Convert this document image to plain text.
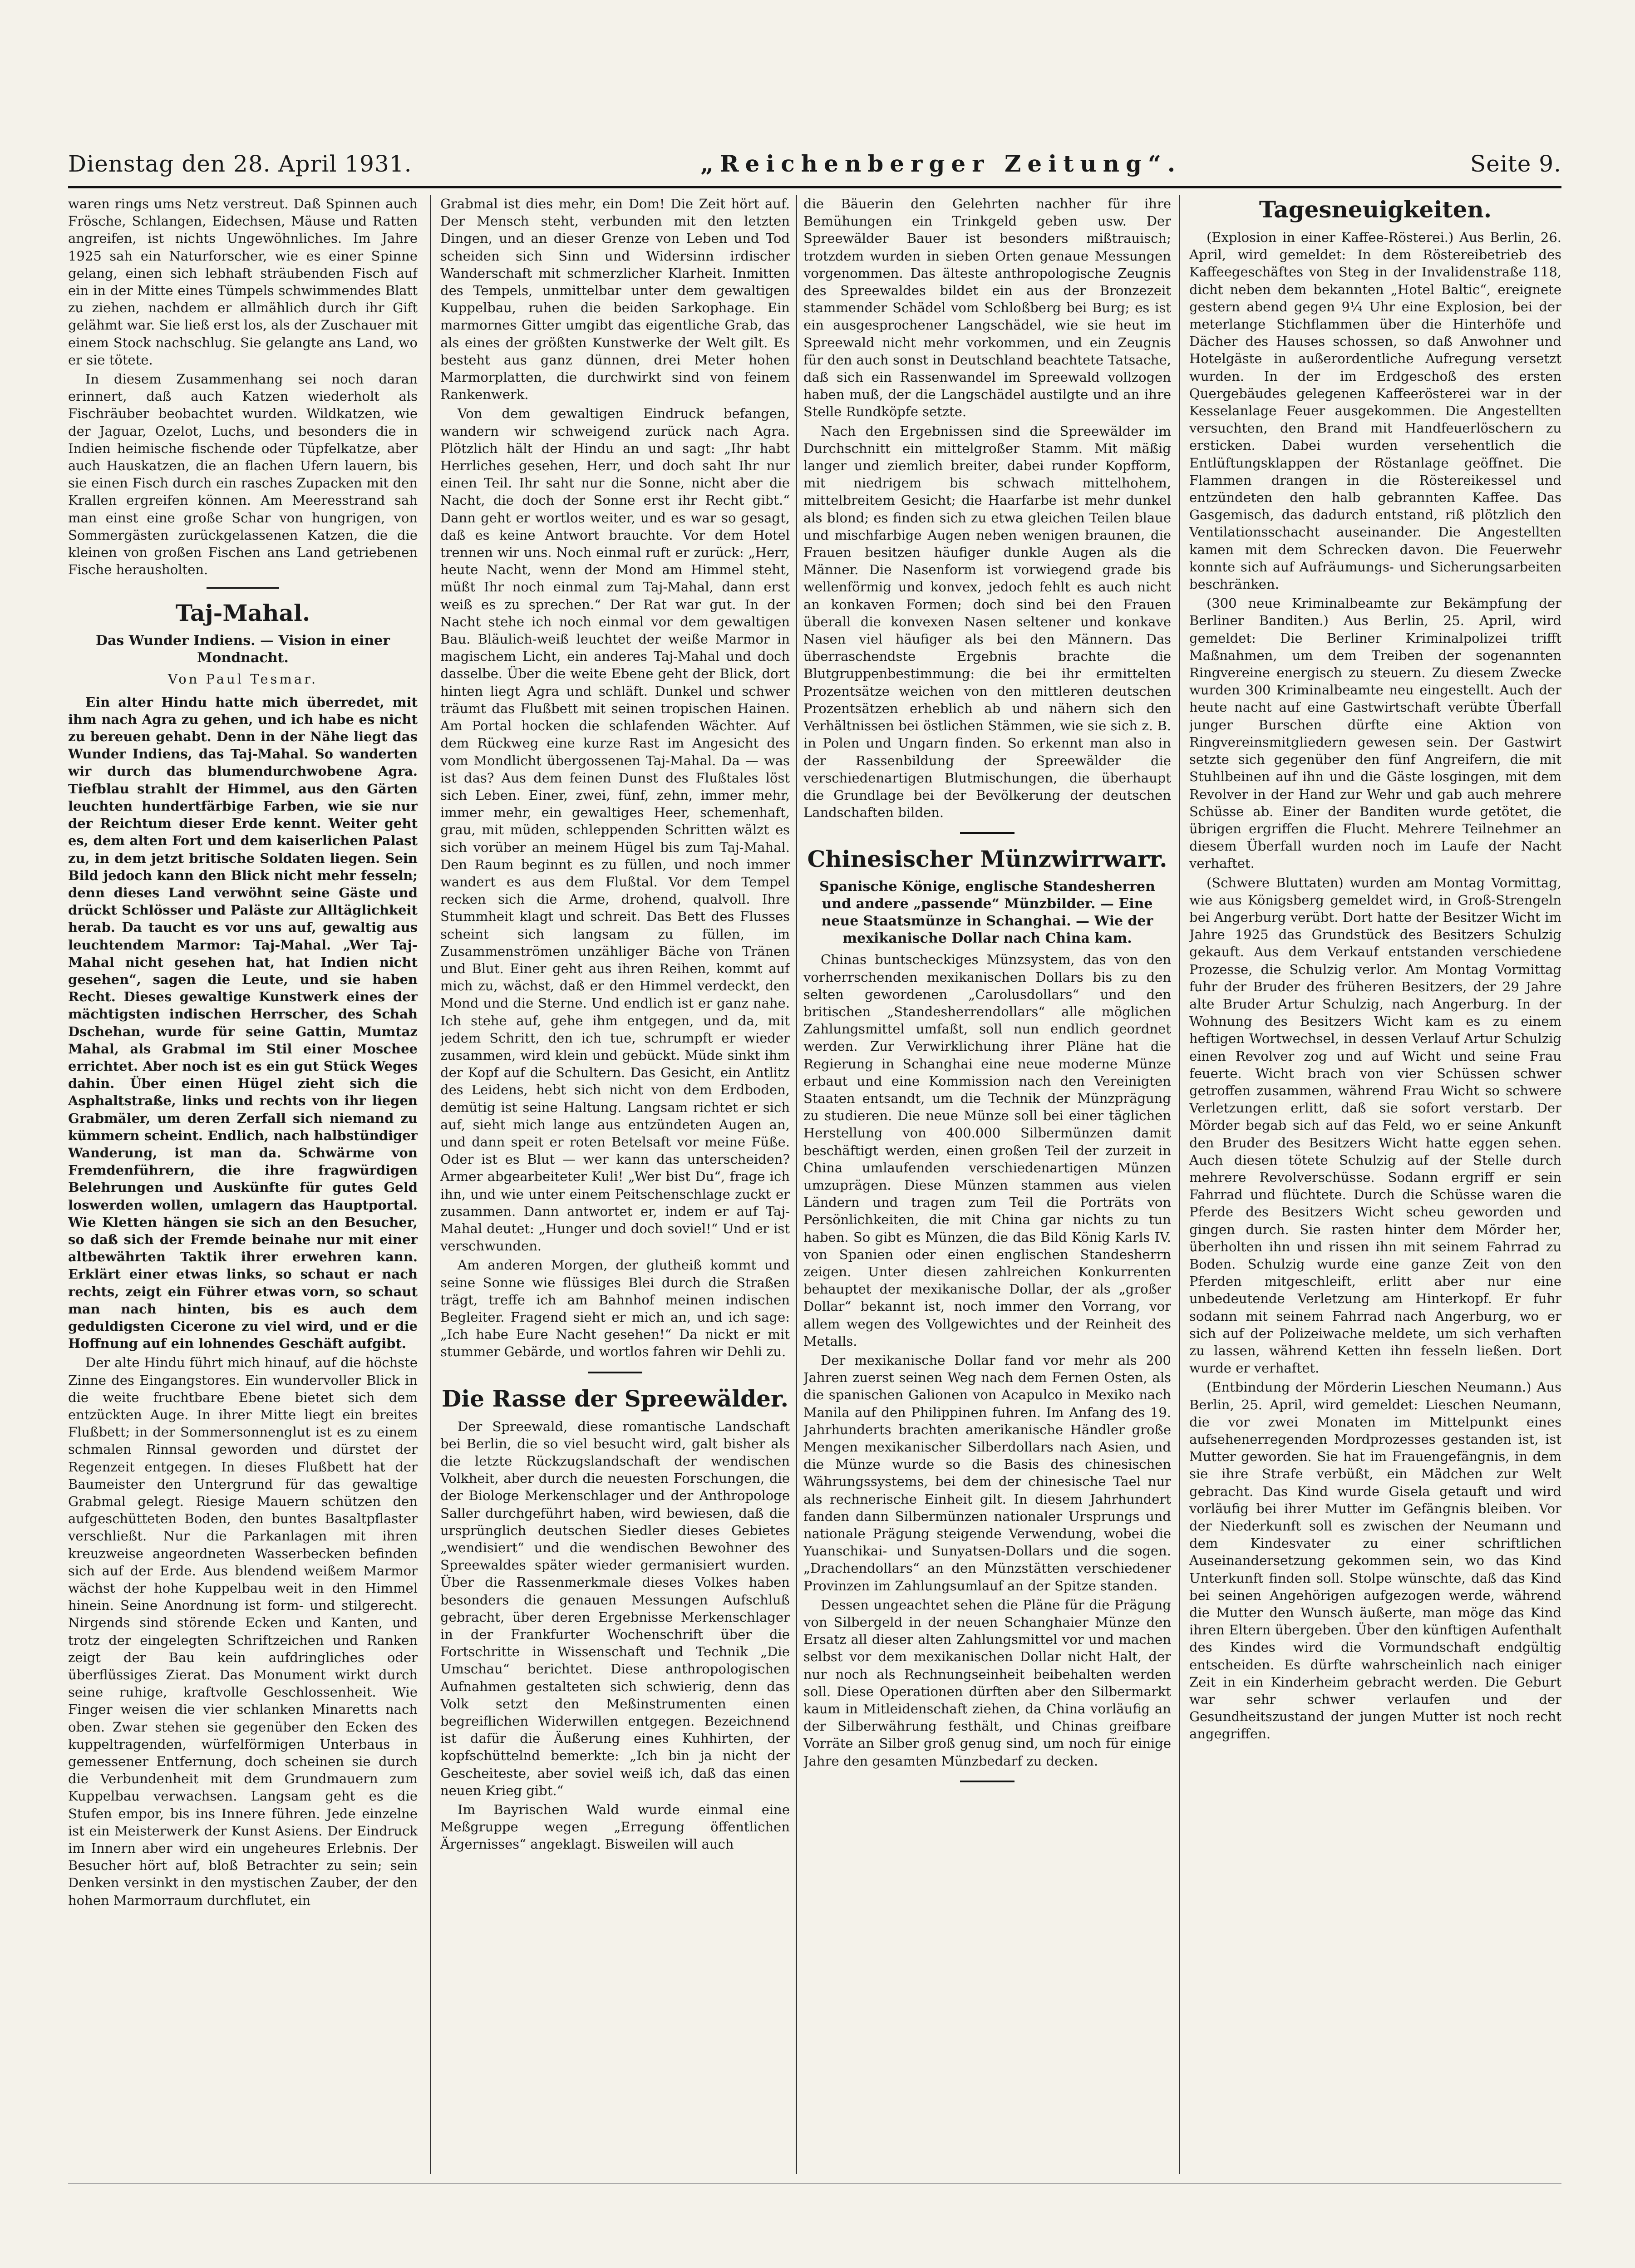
Dienstag den 28. April 1931.	„Reichenberger Zeitung“.	Seite 9.

waren rings ums Netz verstreut. Daß Spinnen auch Frösche, Schlangen, Eidechsen, Mäuse und Ratten angreifen, ist nichts Ungewöhnliches. Im Jahre 1925 sah ein Naturforscher, wie es einer Spinne gelang, einen sich lebhaft sträubenden Fisch auf ein in der Mitte eines Tümpels schwimmendes Blatt zu ziehen, nachdem er allmählich durch ihr Gift gelähmt war. Sie ließ erst los, als der Zuschauer mit einem Stock nachschlug. Sie gelangte ans Land, wo er sie tötete.

In diesem Zusammenhang sei noch daran erinnert, daß auch Katzen wiederholt als Fischräuber beobachtet wurden. Wildkatzen, wie der Jaguar, Ozelot, Luchs, und besonders die in Indien heimische fischende oder Tüpfelkatze, aber auch Hauskatzen, die an flachen Ufern lauern, bis sie einen Fisch durch ein rasches Zupacken mit den Krallen ergreifen können. Am Meeresstrand sah man einst eine große Schar von hungrigen, von Sommergästen zurückgelassenen Katzen, die die kleinen von großen Fischen ans Land getriebenen Fische herausholten.

Taj-Mahal.
Das Wunder Indiens. — Vision in einer Mondnacht.
Von Paul Tesmar.

Ein alter Hindu hatte mich überredet, mit ihm nach Agra zu gehen, und ich habe es nicht zu bereuen gehabt. Denn in der Nähe liegt das Wunder Indiens, das Taj-Mahal. So wanderten wir durch das blumendurchwobene Agra. Tiefblau strahlt der Himmel, aus den Gärten leuchten hundertfärbige Farben, wie sie nur der Reichtum dieser Erde kennt. Weiter geht es, dem alten Fort und dem kaiserlichen Palast zu, in dem jetzt britische Soldaten liegen. Sein Bild jedoch kann den Blick nicht mehr fesseln; denn dieses Land verwöhnt seine Gäste und drückt Schlösser und Paläste zur Alltäglichkeit herab. Da taucht es vor uns auf, gewaltig aus leuchtendem Marmor: Taj-Mahal. „Wer Taj-Mahal nicht gesehen hat, hat Indien nicht gesehen“, sagen die Leute, und sie haben Recht. Dieses gewaltige Kunstwerk eines der mächtigsten indischen Herrscher, des Schah Dschehan, wurde für seine Gattin, Mumtaz Mahal, als Grabmal im Stil einer Moschee errichtet. Aber noch ist es ein gut Stück Weges dahin. Über einen Hügel zieht sich die Asphaltstraße, links und rechts von ihr liegen Grabmäler, um deren Zerfall sich niemand zu kümmern scheint. Endlich, nach halbstündiger Wanderung, ist man da. Schwärme von Fremdenführern, die ihre fragwürdigen Belehrungen und Auskünfte für gutes Geld loswerden wollen, umlagern das Hauptportal. Wie Kletten hängen sie sich an den Besucher, so daß sich der Fremde beinahe nur mit einer altbewährten Taktik ihrer erwehren kann. Erklärt einer etwas links, so schaut er nach rechts, zeigt ein Führer etwas vorn, so schaut man nach hinten, bis es auch dem geduldigsten Cicerone zu viel wird, und er die Hoffnung auf ein lohnendes Geschäft aufgibt.

Der alte Hindu führt mich hinauf, auf die höchste Zinne des Eingangstores. Ein wundervoller Blick in die weite fruchtbare Ebene bietet sich dem entzückten Auge. In ihrer Mitte liegt ein breites Flußbett; in der Sommersonnenglut ist es zu einem schmalen Rinnsal geworden und dürstet der Regenzeit entgegen. In dieses Flußbett hat der Baumeister den Untergrund für das gewaltige Grabmal gelegt. Riesige Mauern schützen den aufgeschütteten Boden, den buntes Basaltpflaster verschließt. Nur die Parkanlagen mit ihren kreuzweise angeordneten Wasserbecken befinden sich auf der Erde. Aus blendend weißem Marmor wächst der hohe Kuppelbau weit in den Himmel hinein. Seine Anordnung ist form- und stilgerecht. Nirgends sind störende Ecken und Kanten, und trotz der eingelegten Schriftzeichen und Ranken zeigt der Bau kein aufdringliches oder überflüssiges Zierat. Das Monument wirkt durch seine ruhige, kraftvolle Geschlossenheit. Wie Finger weisen die vier schlanken Minaretts nach oben. Zwar stehen sie gegenüber den Ecken des kuppeltragenden, würfelförmigen Unterbaus in gemessener Entfernung, doch scheinen sie durch die Verbundenheit mit dem Grundmauern zum Kuppelbau verwachsen. Langsam geht es die Stufen empor, bis ins Innere führen. Jede einzelne ist ein Meisterwerk der Kunst Asiens. Der Eindruck im Innern aber wird ein ungeheures Erlebnis. Der Besucher hört auf, bloß Betrachter zu sein; sein Denken versinkt in den mystischen Zauber, der den hohen Marmorraum durchflutet, ein

Grabmal ist dies mehr, ein Dom! Die Zeit hört auf. Der Mensch steht, verbunden mit den letzten Dingen, und an dieser Grenze von Leben und Tod scheiden sich Sinn und Widersinn irdischer Wanderschaft mit schmerzlicher Klarheit. Inmitten des Tempels, unmittelbar unter dem gewaltigen Kuppelbau, ruhen die beiden Sarkophage. Ein marmornes Gitter umgibt das eigentliche Grab, das als eines der größten Kunstwerke der Welt gilt. Es besteht aus ganz dünnen, drei Meter hohen Marmorplatten, die durchwirkt sind von feinem Rankenwerk.

Von dem gewaltigen Eindruck befangen, wandern wir schweigend zurück nach Agra. Plötzlich hält der Hindu an und sagt: „Ihr habt Herrliches gesehen, Herr, und doch saht Ihr nur einen Teil. Ihr saht nur die Sonne, nicht aber die Nacht, die doch der Sonne erst ihr Recht gibt.“ Dann geht er wortlos weiter, und es war so gesagt, daß es keine Antwort brauchte. Vor dem Hotel trennen wir uns. Noch einmal ruft er zurück: „Herr, heute Nacht, wenn der Mond am Himmel steht, müßt Ihr noch einmal zum Taj-Mahal, dann erst weiß es zu sprechen.“ Der Rat war gut. In der Nacht stehe ich noch einmal vor dem gewaltigen Bau. Bläulich-weiß leuchtet der weiße Marmor in magischem Licht, ein anderes Taj-Mahal und doch dasselbe. Über die weite Ebene geht der Blick, dort hinten liegt Agra und schläft. Dunkel und schwer träumt das Flußbett mit seinen tropischen Hainen. Am Portal hocken die schlafenden Wächter. Auf dem Rückweg eine kurze Rast im Angesicht des vom Mondlicht übergossenen Taj-Mahal. Da — was ist das? Aus dem feinen Dunst des Flußtales löst sich Leben. Einer, zwei, fünf, zehn, immer mehr, immer mehr, ein gewaltiges Heer, schemenhaft, grau, mit müden, schleppenden Schritten wälzt es sich vorüber an meinem Hügel bis zum Taj-Mahal. Den Raum beginnt es zu füllen, und noch immer wandert es aus dem Flußtal. Vor dem Tempel recken sich die Arme, drohend, qualvoll. Ihre Stummheit klagt und schreit. Das Bett des Flusses scheint sich langsam zu füllen, im Zusammenströmen unzähliger Bäche von Tränen und Blut. Einer geht aus ihren Reihen, kommt auf mich zu, wächst, daß er den Himmel verdeckt, den Mond und die Sterne. Und endlich ist er ganz nahe. Ich stehe auf, gehe ihm entgegen, und da, mit jedem Schritt, den ich tue, schrumpft er wieder zusammen, wird klein und gebückt. Müde sinkt ihm der Kopf auf die Schultern. Das Gesicht, ein Antlitz des Leidens, hebt sich nicht von dem Erdboden, demütig ist seine Haltung. Langsam richtet er sich auf, sieht mich lange aus entzündeten Augen an, und dann speit er roten Betelsaft vor meine Füße. Oder ist es Blut — wer kann das unterscheiden? Armer abgearbeiteter Kuli! „Wer bist Du“, frage ich ihn, und wie unter einem Peitschenschlage zuckt er zusammen. Dann antwortet er, indem er auf Taj-Mahal deutet: „Hunger und doch soviel!“ Und er ist verschwunden.

Am anderen Morgen, der glutheiß kommt und seine Sonne wie flüssiges Blei durch die Straßen trägt, treffe ich am Bahnhof meinen indischen Begleiter. Fragend sieht er mich an, und ich sage: „Ich habe Eure Nacht gesehen!“ Da nickt er mit stummer Gebärde, und wortlos fahren wir Dehli zu.

Die Rasse der Spreewälder.

Der Spreewald, diese romantische Landschaft bei Berlin, die so viel besucht wird, galt bisher als die letzte Rückzugslandschaft der wendischen Volkheit, aber durch die neuesten Forschungen, die der Biologe Merkenschlager und der Anthropologe Saller durchgeführt haben, wird bewiesen, daß die ursprünglich deutschen Siedler dieses Gebietes „wendisiert“ und die wendischen Bewohner des Spreewaldes später wieder germanisiert wurden. Über die Rassenmerkmale dieses Volkes haben besonders die genauen Messungen Aufschluß gebracht, über deren Ergebnisse Merkenschlager in der Frankfurter Wochenschrift über die Fortschritte in Wissenschaft und Technik „Die Umschau“ berichtet. Diese anthropologischen Aufnahmen gestalteten sich schwierig, denn das Volk setzt den Meßinstrumenten einen begreiflichen Widerwillen entgegen. Bezeichnend ist dafür die Äußerung eines Kuhhirten, der kopfschüttelnd bemerkte: „Ich bin ja nicht der Gescheiteste, aber soviel weiß ich, daß das einen neuen Krieg gibt.“

Im Bayrischen Wald wurde einmal eine Meßgruppe wegen „Erregung öffentlichen Ärgernisses“ angeklagt. Bisweilen will auch

die Bäuerin den Gelehrten nachher für ihre Bemühungen ein Trinkgeld geben usw. Der Spreewälder Bauer ist besonders mißtrauisch; trotzdem wurden in sieben Orten genaue Messungen vorgenommen. Das älteste anthropologische Zeugnis des Spreewaldes bildet ein aus der Bronzezeit stammender Schädel vom Schloßberg bei Burg; es ist ein ausgesprochener Langschädel, wie sie heut im Spreewald nicht mehr vorkommen, und ein Zeugnis für den auch sonst in Deutschland beachtete Tatsache, daß sich ein Rassenwandel im Spreewald vollzogen haben muß, der die Langschädel austilgte und an ihre Stelle Rundköpfe setzte.

Nach den Ergebnissen sind die Spreewälder im Durchschnitt ein mittelgroßer Stamm. Mit mäßig langer und ziemlich breiter, dabei runder Kopfform, mit niedrigem bis schwach mittelhohem, mittelbreitem Gesicht; die Haarfarbe ist mehr dunkel als blond; es finden sich zu etwa gleichen Teilen blaue und mischfarbige Augen neben wenigen braunen, die Frauen besitzen häufiger dunkle Augen als die Männer. Die Nasenform ist vorwiegend grade bis wellenförmig und konvex, jedoch fehlt es auch nicht an konkaven Formen; doch sind bei den Frauen überall die konvexen Nasen seltener und konkave Nasen viel häufiger als bei den Männern. Das überraschendste Ergebnis brachte die Blutgruppenbestimmung: die bei ihr ermittelten Prozentsätze weichen von den mittleren deutschen Prozentsätzen erheblich ab und nähern sich den Verhältnissen bei östlichen Stämmen, wie sie sich z. B. in Polen und Ungarn finden. So erkennt man also in der Rassenbildung der Spreewälder die verschiedenartigen Blutmischungen, die überhaupt die Grundlage bei der Bevölkerung der deutschen Landschaften bilden.

Chinesischer Münzwirrwarr.
Spanische Könige, englische Standesherren und andere „passende“ Münzbilder. — Eine neue Staatsmünze in Schanghai. — Wie der mexikanische Dollar nach China kam.

Chinas buntscheckiges Münzsystem, das von den vorherrschenden mexikanischen Dollars bis zu den selten gewordenen „Carolusdollars“ und den britischen „Standesherrendollars“ alle möglichen Zahlungsmittel umfaßt, soll nun endlich geordnet werden. Zur Verwirklichung ihrer Pläne hat die Regierung in Schanghai eine neue moderne Münze erbaut und eine Kommission nach den Vereinigten Staaten entsandt, um die Technik der Münzprägung zu studieren. Die neue Münze soll bei einer täglichen Herstellung von 400.000 Silbermünzen damit beschäftigt werden, einen großen Teil der zurzeit in China umlaufenden verschiedenartigen Münzen umzuprägen. Diese Münzen stammen aus vielen Ländern und tragen zum Teil die Porträts von Persönlichkeiten, die mit China gar nichts zu tun haben. So gibt es Münzen, die das Bild König Karls IV. von Spanien oder einen englischen Standesherrn zeigen. Unter diesen zahlreichen Konkurrenten behauptet der mexikanische Dollar, der als „großer Dollar“ bekannt ist, noch immer den Vorrang, vor allem wegen des Vollgewichtes und der Reinheit des Metalls.

Der mexikanische Dollar fand vor mehr als 200 Jahren zuerst seinen Weg nach dem Fernen Osten, als die spanischen Galionen von Acapulco in Mexiko nach Manila auf den Philippinen fuhren. Im Anfang des 19. Jahrhunderts brachten amerikanische Händler große Mengen mexikanischer Silberdollars nach Asien, und die Münze wurde so die Basis des chinesischen Währungssystems, bei dem der chinesische Tael nur als rechnerische Einheit gilt. In diesem Jahrhundert fanden dann Silbermünzen nationaler Ursprungs und nationale Prägung steigende Verwendung, wobei die Yuanschikai- und Sunyatsen-Dollars und die sogen. „Drachendollars“ an den Münzstätten verschiedener Provinzen im Zahlungsumlauf an der Spitze standen.

Dessen ungeachtet sehen die Pläne für die Prägung von Silbergeld in der neuen Schanghaier Münze den Ersatz all dieser alten Zahlungsmittel vor und machen selbst vor dem mexikanischen Dollar nicht Halt, der nur noch als Rechnungseinheit beibehalten werden soll. Diese Operationen dürften aber den Silbermarkt kaum in Mitleidenschaft ziehen, da China vorläufig an der Silberwährung festhält, und Chinas greifbare Vorräte an Silber groß genug sind, um noch für einige Jahre den gesamten Münzbedarf zu decken.

Tagesneuigkeiten.

(Explosion in einer Kaffee-Rösterei.) Aus Berlin, 26. April, wird gemeldet: In dem Röstereibetrieb des Kaffeegeschäftes von Steg in der Invalidenstraße 118, dicht neben dem bekannten „Hotel Baltic“, ereignete gestern abend gegen 9¼ Uhr eine Explosion, bei der meterlange Stichflammen über die Hinterhöfe und Dächer des Hauses schossen, so daß Anwohner und Hotelgäste in außerordentliche Aufregung versetzt wurden. In der im Erdgeschoß des ersten Quergebäudes gelegenen Kaffeerösterei war in der Kesselanlage Feuer ausgekommen. Die Angestellten versuchten, den Brand mit Handfeuerlöschern zu ersticken. Dabei wurden versehentlich die Entlüftungsklappen der Röstanlage geöffnet. Die Flammen drangen in die Röstereikessel und entzündeten den halb gebrannten Kaffee. Das Gasgemisch, das dadurch entstand, riß plötzlich den Ventilationsschacht auseinander. Die Angestellten kamen mit dem Schrecken davon. Die Feuerwehr konnte sich auf Aufräumungs- und Sicherungsarbeiten beschränken.

(300 neue Kriminalbeamte zur Bekämpfung der Berliner Banditen.) Aus Berlin, 25. April, wird gemeldet: Die Berliner Kriminalpolizei trifft Maßnahmen, um dem Treiben der sogenannten Ringvereine energisch zu steuern. Zu diesem Zwecke wurden 300 Kriminalbeamte neu eingestellt. Auch der heute nacht auf eine Gastwirtschaft verübte Überfall junger Burschen dürfte eine Aktion von Ringvereinsmitgliedern gewesen sein. Der Gastwirt setzte sich gegenüber den fünf Angreifern, die mit Stuhlbeinen auf ihn und die Gäste losgingen, mit dem Revolver in der Hand zur Wehr und gab auch mehrere Schüsse ab. Einer der Banditen wurde getötet, die übrigen ergriffen die Flucht. Mehrere Teilnehmer an diesem Überfall wurden noch im Laufe der Nacht verhaftet.

(Schwere Bluttaten) wurden am Montag Vormittag, wie aus Königsberg gemeldet wird, in Groß-Strengeln bei Angerburg verübt. Dort hatte der Besitzer Wicht im Jahre 1925 das Grundstück des Besitzers Schulzig gekauft. Aus dem Verkauf entstanden verschiedene Prozesse, die Schulzig verlor. Am Montag Vormittag fuhr der Bruder des früheren Besitzers, der 29 Jahre alte Bruder Artur Schulzig, nach Angerburg. In der Wohnung des Besitzers Wicht kam es zu einem heftigen Wortwechsel, in dessen Verlauf Artur Schulzig einen Revolver zog und auf Wicht und seine Frau feuerte. Wicht brach von vier Schüssen schwer getroffen zusammen, während Frau Wicht so schwere Verletzungen erlitt, daß sie sofort verstarb. Der Mörder begab sich auf das Feld, wo er seine Ankunft den Bruder des Besitzers Wicht hatte eggen sehen. Auch diesen tötete Schulzig auf der Stelle durch mehrere Revolverschüsse. Sodann ergriff er sein Fahrrad und flüchtete. Durch die Schüsse waren die Pferde des Besitzers Wicht scheu geworden und gingen durch. Sie rasten hinter dem Mörder her, überholten ihn und rissen ihn mit seinem Fahrrad zu Boden. Schulzig wurde eine ganze Zeit von den Pferden mitgeschleift, erlitt aber nur eine unbedeutende Verletzung am Hinterkopf. Er fuhr sodann mit seinem Fahrrad nach Angerburg, wo er sich auf der Polizeiwache meldete, um sich verhaften zu lassen, während Ketten ihn fesseln ließen. Dort wurde er verhaftet.

(Entbindung der Mörderin Lieschen Neumann.) Aus Berlin, 25. April, wird gemeldet: Lieschen Neumann, die vor zwei Monaten im Mittelpunkt eines aufsehenerregenden Mordprozesses gestanden ist, ist Mutter geworden. Sie hat im Frauengefängnis, in dem sie ihre Strafe verbüßt, ein Mädchen zur Welt gebracht. Das Kind wurde Gisela getauft und wird vorläufig bei ihrer Mutter im Gefängnis bleiben. Vor der Niederkunft soll es zwischen der Neumann und dem Kindesvater zu einer schriftlichen Auseinandersetzung gekommen sein, wo das Kind Unterkunft finden soll. Stolpe wünschte, daß das Kind bei seinen Angehörigen aufgezogen werde, während die Mutter den Wunsch äußerte, man möge das Kind ihren Eltern übergeben. Über den künftigen Aufenthalt des Kindes wird die Vormundschaft endgültig entscheiden. Es dürfte wahrscheinlich nach einiger Zeit in ein Kinderheim gebracht werden. Die Geburt war sehr schwer verlaufen und der Gesundheitszustand der jungen Mutter ist noch recht angegriffen.
